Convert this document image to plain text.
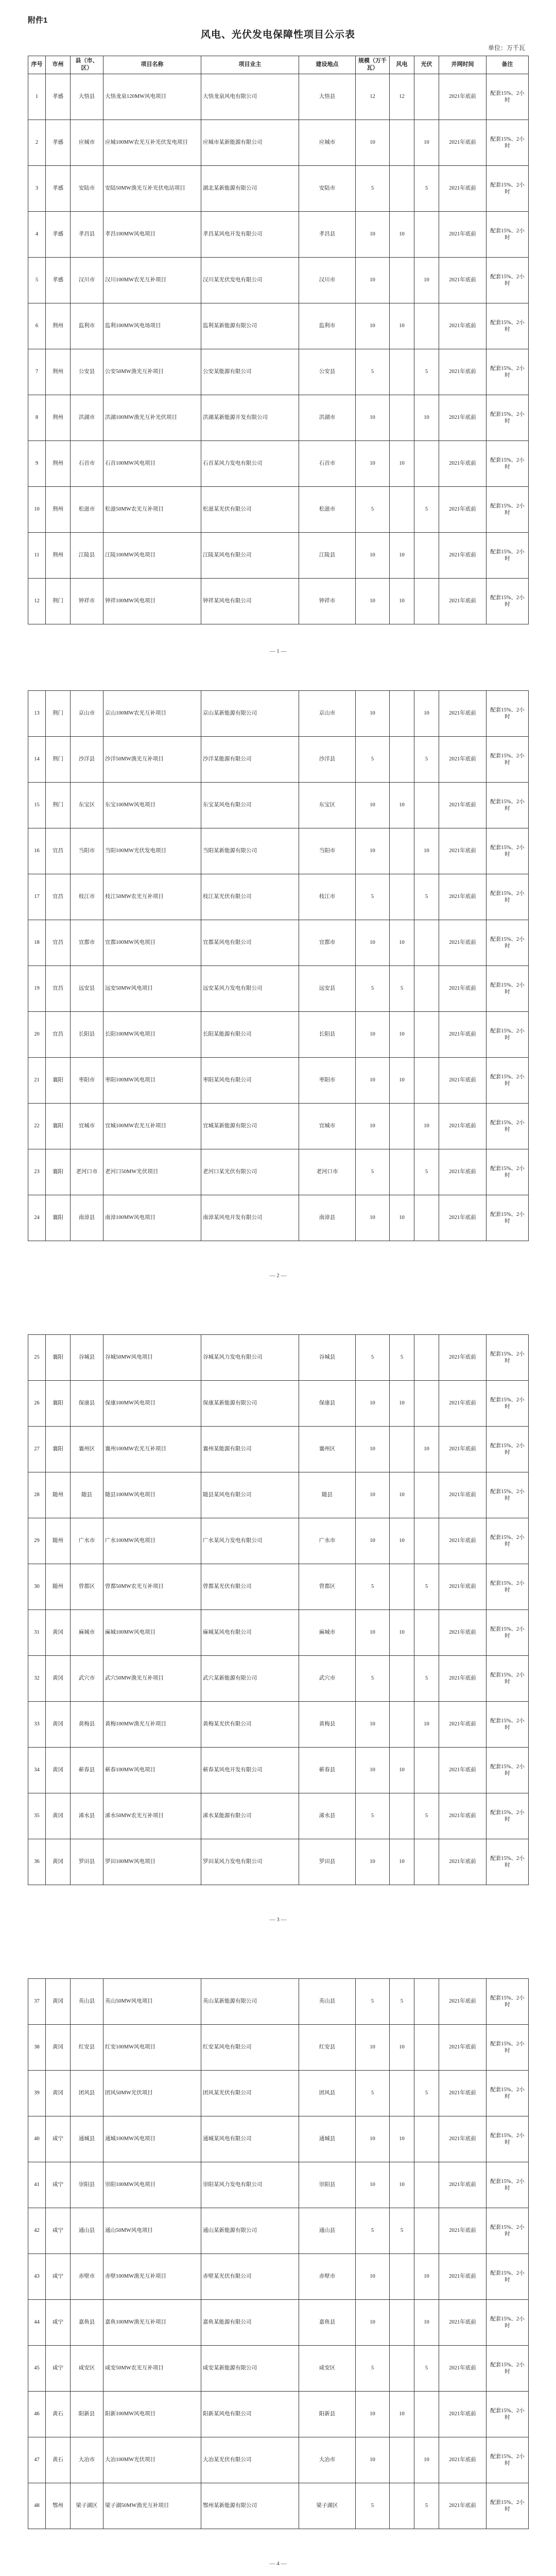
附件1
风电、光伏发电保障性项目公示表
单位：万千瓦
序号	市州	县（市、区）	项目名称	项目业主	建设地点	规模（万千瓦）	风电	光伏	并网时间	备注
1	孝感	大悟县	大悟龙泉120MW风电项目	大悟龙泉风电有限公司	大悟县	12	12		2021年底前	配套15%、2小时
2	孝感	应城市	应城100MW农光互补光伏发电项目	应城市某新能源有限公司	应城市	10		10	2021年底前	配套15%、2小时
3	孝感	安陆市	安陆50MW渔光互补光伏电站项目	湖北某新能源有限公司	安陆市	5		5	2021年底前	配套15%、2小时
4	孝感	孝昌县	孝昌100MW风电项目	孝昌某风电开发有限公司	孝昌县	10	10		2021年底前	配套15%、2小时
5	孝感	汉川市	汉川100MW农光互补项目	汉川某光伏发电有限公司	汉川市	10		10	2021年底前	配套15%、2小时
6	荆州	监利市	监利100MW风电场项目	监利某新能源有限公司	监利市	10	10		2021年底前	配套15%、2小时
7	荆州	公安县	公安50MW渔光互补项目	公安某能源有限公司	公安县	5		5	2021年底前	配套15%、2小时
8	荆州	洪湖市	洪湖100MW渔光互补光伏项目	洪湖某新能源开发有限公司	洪湖市	10		10	2021年底前	配套15%、2小时
9	荆州	石首市	石首100MW风电项目	石首某风力发电有限公司	石首市	10	10		2021年底前	配套15%、2小时
10	荆州	松滋市	松滋50MW农光互补项目	松滋某光伏有限公司	松滋市	5		5	2021年底前	配套15%、2小时
11	荆州	江陵县	江陵100MW风电项目	江陵某风电有限公司	江陵县	10	10		2021年底前	配套15%、2小时
12	荆门	钟祥市	钟祥100MW风电项目	钟祥某风电有限公司	钟祥市	10	10		2021年底前	配套15%、2小时
— 1 —
13	荆门	京山市	京山100MW农光互补项目	京山某新能源有限公司	京山市	10		10	2021年底前	配套15%、2小时
14	荆门	沙洋县	沙洋50MW渔光互补项目	沙洋某能源有限公司	沙洋县	5		5	2021年底前	配套15%、2小时
15	荆门	东宝区	东宝100MW风电项目	东宝某风电有限公司	东宝区	10	10		2021年底前	配套15%、2小时
16	宜昌	当阳市	当阳100MW光伏发电项目	当阳某新能源有限公司	当阳市	10		10	2021年底前	配套15%、2小时
17	宜昌	枝江市	枝江50MW农光互补项目	枝江某光伏有限公司	枝江市	5		5	2021年底前	配套15%、2小时
18	宜昌	宜都市	宜都100MW风电项目	宜都某风电有限公司	宜都市	10	10		2021年底前	配套15%、2小时
19	宜昌	远安县	远安50MW风电项目	远安某风力发电有限公司	远安县	5	5		2021年底前	配套15%、2小时
20	宜昌	长阳县	长阳100MW风电项目	长阳某能源有限公司	长阳县	10	10		2021年底前	配套15%、2小时
21	襄阳	枣阳市	枣阳100MW风电项目	枣阳某风电有限公司	枣阳市	10	10		2021年底前	配套15%、2小时
22	襄阳	宜城市	宜城100MW农光互补项目	宜城某新能源有限公司	宜城市	10		10	2021年底前	配套15%、2小时
23	襄阳	老河口市	老河口50MW光伏项目	老河口某光伏有限公司	老河口市	5		5	2021年底前	配套15%、2小时
24	襄阳	南漳县	南漳100MW风电项目	南漳某风电开发有限公司	南漳县	10	10		2021年底前	配套15%、2小时
— 2 —
25	襄阳	谷城县	谷城50MW风电项目	谷城某风力发电有限公司	谷城县	5	5		2021年底前	配套15%、2小时
26	襄阳	保康县	保康100MW风电项目	保康某新能源有限公司	保康县	10	10		2021年底前	配套15%、2小时
27	襄阳	襄州区	襄州100MW农光互补项目	襄州某能源有限公司	襄州区	10		10	2021年底前	配套15%、2小时
28	随州	随县	随县100MW风电项目	随县某风电有限公司	随县	10	10		2021年底前	配套15%、2小时
29	随州	广水市	广水100MW风电项目	广水某风力发电有限公司	广水市	10	10		2021年底前	配套15%、2小时
30	随州	曾都区	曾都50MW农光互补项目	曾都某光伏有限公司	曾都区	5		5	2021年底前	配套15%、2小时
31	黄冈	麻城市	麻城100MW风电项目	麻城某风电有限公司	麻城市	10	10		2021年底前	配套15%、2小时
32	黄冈	武穴市	武穴50MW渔光互补项目	武穴某新能源有限公司	武穴市	5		5	2021年底前	配套15%、2小时
33	黄冈	黄梅县	黄梅100MW渔光互补项目	黄梅某光伏有限公司	黄梅县	10		10	2021年底前	配套15%、2小时
34	黄冈	蕲春县	蕲春100MW风电项目	蕲春某风电开发有限公司	蕲春县	10	10		2021年底前	配套15%、2小时
35	黄冈	浠水县	浠水50MW农光互补项目	浠水某能源有限公司	浠水县	5		5	2021年底前	配套15%、2小时
36	黄冈	罗田县	罗田100MW风电项目	罗田某风力发电有限公司	罗田县	10	10		2021年底前	配套15%、2小时
— 3 —
37	黄冈	英山县	英山50MW风电项目	英山某新能源有限公司	英山县	5	5		2021年底前	配套15%、2小时
38	黄冈	红安县	红安100MW风电项目	红安某风电有限公司	红安县	10	10		2021年底前	配套15%、2小时
39	黄冈	团风县	团风50MW光伏项目	团风某光伏有限公司	团风县	5		5	2021年底前	配套15%、2小时
40	咸宁	通城县	通城100MW风电项目	通城某风电有限公司	通城县	10	10		2021年底前	配套15%、2小时
41	咸宁	崇阳县	崇阳100MW风电项目	崇阳某风力发电有限公司	崇阳县	10	10		2021年底前	配套15%、2小时
42	咸宁	通山县	通山50MW风电项目	通山某新能源有限公司	通山县	5	5		2021年底前	配套15%、2小时
43	咸宁	赤壁市	赤壁100MW渔光互补项目	赤壁某光伏有限公司	赤壁市	10		10	2021年底前	配套15%、2小时
44	咸宁	嘉鱼县	嘉鱼100MW渔光互补项目	嘉鱼某能源有限公司	嘉鱼县	10		10	2021年底前	配套15%、2小时
45	咸宁	咸安区	咸安50MW农光互补项目	咸安某新能源有限公司	咸安区	5		5	2021年底前	配套15%、2小时
46	黄石	阳新县	阳新100MW风电项目	阳新某风电有限公司	阳新县	10	10		2021年底前	配套15%、2小时
47	黄石	大冶市	大冶100MW光伏项目	大冶某光伏有限公司	大冶市	10		10	2021年底前	配套15%、2小时
48	鄂州	梁子湖区	梁子湖50MW渔光互补项目	鄂州某新能源有限公司	梁子湖区	5		5	2021年底前	配套15%、2小时
— 4 —
